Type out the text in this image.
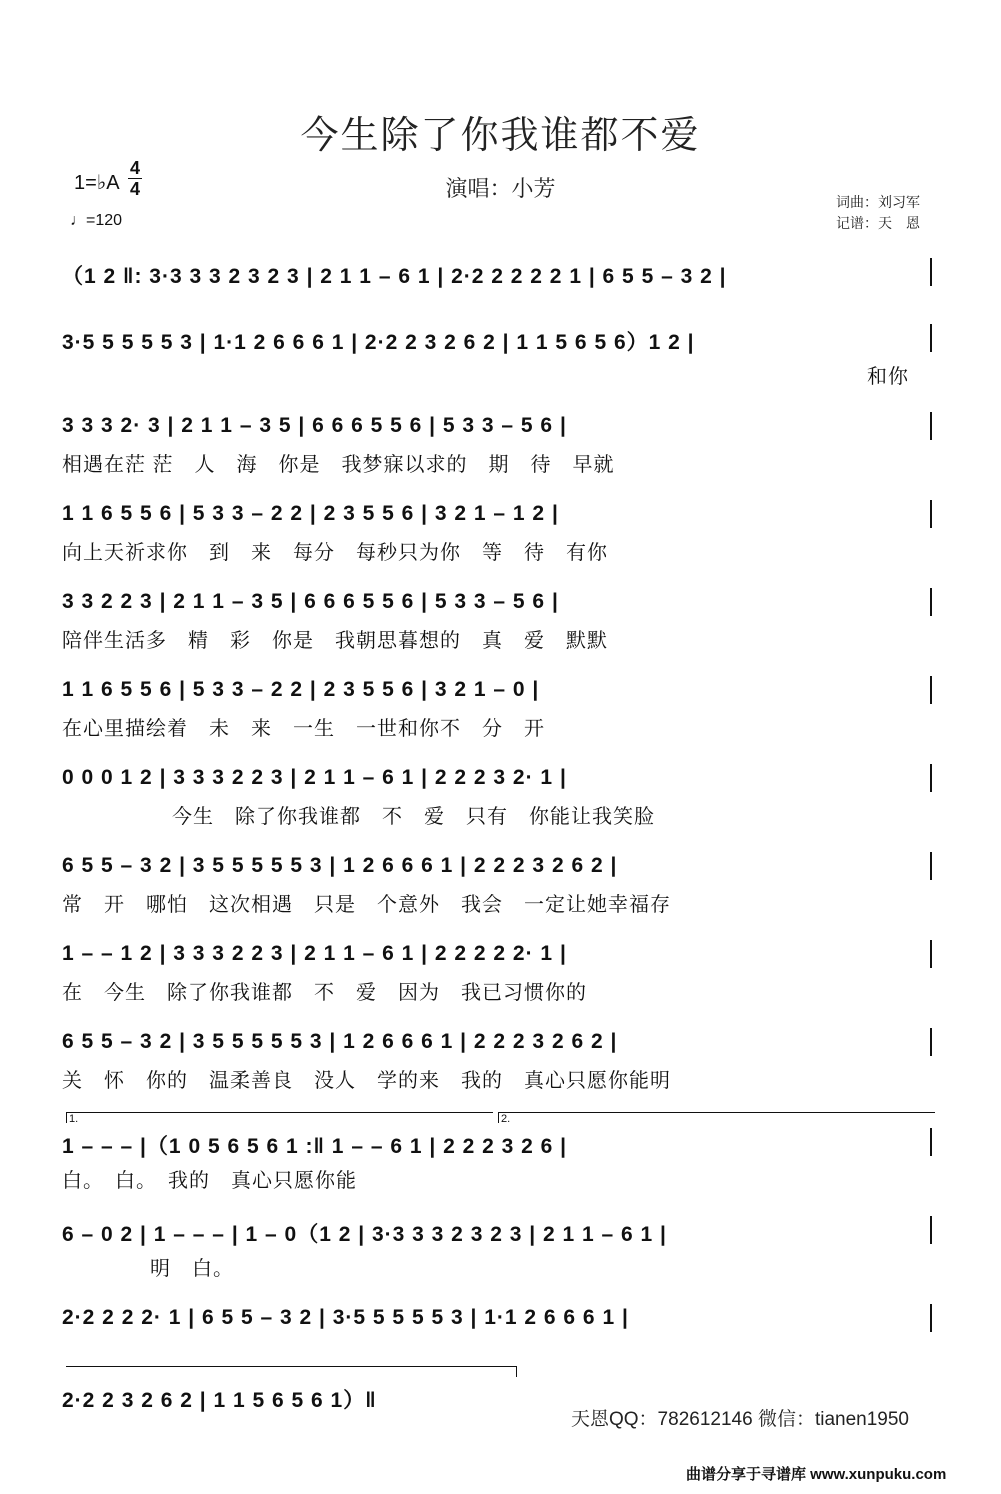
今生除了你我谁都不爱
演唱：小芳
1=♭A
4
4
♩=120
词曲：刘习军
记谱：天　恩
（1 2 ‖: 3·3 3 3 2 3 2 3 | 2 1 1 – 6 1 | 2·2 2 2 2 2 1 | 6 5 5 – 3 2 |
3·5 5 5 5 5 3 | 1·1 2 6 6 6 1 | 2·2 2 3 2 6 2 | 1 1 5 6 5 6）1 2 |
和你
3 3 3 2· 3 | 2 1 1 – 3 5 | 6 6 6 5 5 6 | 5 3 3 – 5 6 |
相遇在茫 茫　人　海　你是　我梦寐以求的　期　待　早就
1 1 6 5 5 6 | 5 3 3 – 2 2 | 2 3 5 5 6 | 3 2 1 – 1 2 |
向上天祈求你　到　来　每分　每秒只为你　等　待　有你
3 3 2 2 3 | 2 1 1 – 3 5 | 6 6 6 5 5 6 | 5 3 3 – 5 6 |
陪伴生活多　精　彩　你是　我朝思暮想的　真　爱　默默
1 1 6 5 5 6 | 5 3 3 – 2 2 | 2 3 5 5 6 | 3 2 1 – 0 |
在心里描绘着　未　来　一生　一世和你不　分　开
0 0 0 1 2 | 3 3 3 2 2 3 | 2 1 1 – 6 1 | 2 2 2 3 2· 1 |
今生　除了你我谁都　不　爱　只有　你能让我笑脸
6 5 5 – 3 2 | 3 5 5 5 5 5 3 | 1 2 6 6 6 1 | 2 2 2 3 2 6 2 |
常　开　哪怕　这次相遇　只是　个意外　我会　一定让她幸福存
1 – – 1 2 | 3 3 3 2 2 3 | 2 1 1 – 6 1 | 2 2 2 2 2· 1 |
在　今生　除了你我谁都　不　爱　因为　我已习惯你的
6 5 5 – 3 2 | 3 5 5 5 5 5 3 | 1 2 6 6 6 1 | 2 2 2 3 2 6 2 |
关　怀　你的　温柔善良　没人　学的来　我的　真心只愿你能明
1.	2.
1 – – – |（1 0 5 6 5 6 1 :‖ 1 – – 6 1 | 2 2 2 3 2 6 |
白。　白。　我的　真心只愿你能
6 – 0 2 | 1 – – – | 1 – 0（1 2 | 3·3 3 3 2 3 2 3 | 2 1 1 – 6 1 |
明　白。
2·2 2 2 2· 1 | 6 5 5 – 3 2 | 3·5 5 5 5 5 3 | 1·1 2 6 6 6 1 |
2·2 2 3 2 6 2 | 1 1 5 6 5 6 1）‖
天恩QQ：782612146 微信：tianen1950
曲谱分享于寻谱库 www.xunpuku.com
